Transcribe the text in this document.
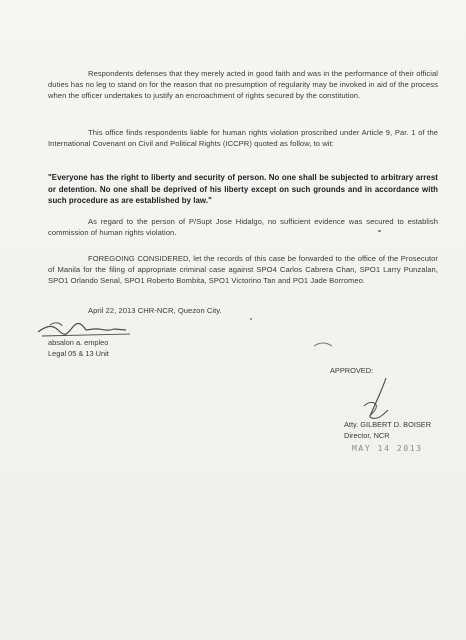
Respondents defenses that they merely acted in good faith and was in the performance of their official duties has no leg to stand on for the reason that no presumption of regularity may be invoked in aid of the process when the officer undertakes to justify an encroachment of rights secured by the constitution.

This office finds respondents liable for human rights violation proscribed under Article 9, Par. 1 of the International Covenant on Civil and Political Rights (ICCPR) quoted as follow, to wit:

"Everyone has the right to liberty and security of person. No one shall be subjected to arbitrary arrest or detention. No one shall be deprived of his liberty except on such grounds and in accordance with such procedure as are established by law."

As regard to the person of P/Supt Jose Hidalgo, no sufficient evidence was secured to establish commission of human rights violation.

FOREGOING CONSIDERED, let the records of this case be forwarded to the office of the Prosecutor of Manila for the filing of appropriate criminal case against SPO4 Carlos Cabrera Chan, SPO1 Larry Punzalan, SPO1 Orlando Senal, SPO1 Roberto Bombita, SPO1 Victorino Tan and PO1 Jade Borromeo.

April 22, 2013 CHR-NCR, Quezon City.

absalon a. empleo
Legal 05 & 13 Unit
APPROVED:
Atty. GILBERT D. BOISER
Director, NCR
MAY 14 2013
